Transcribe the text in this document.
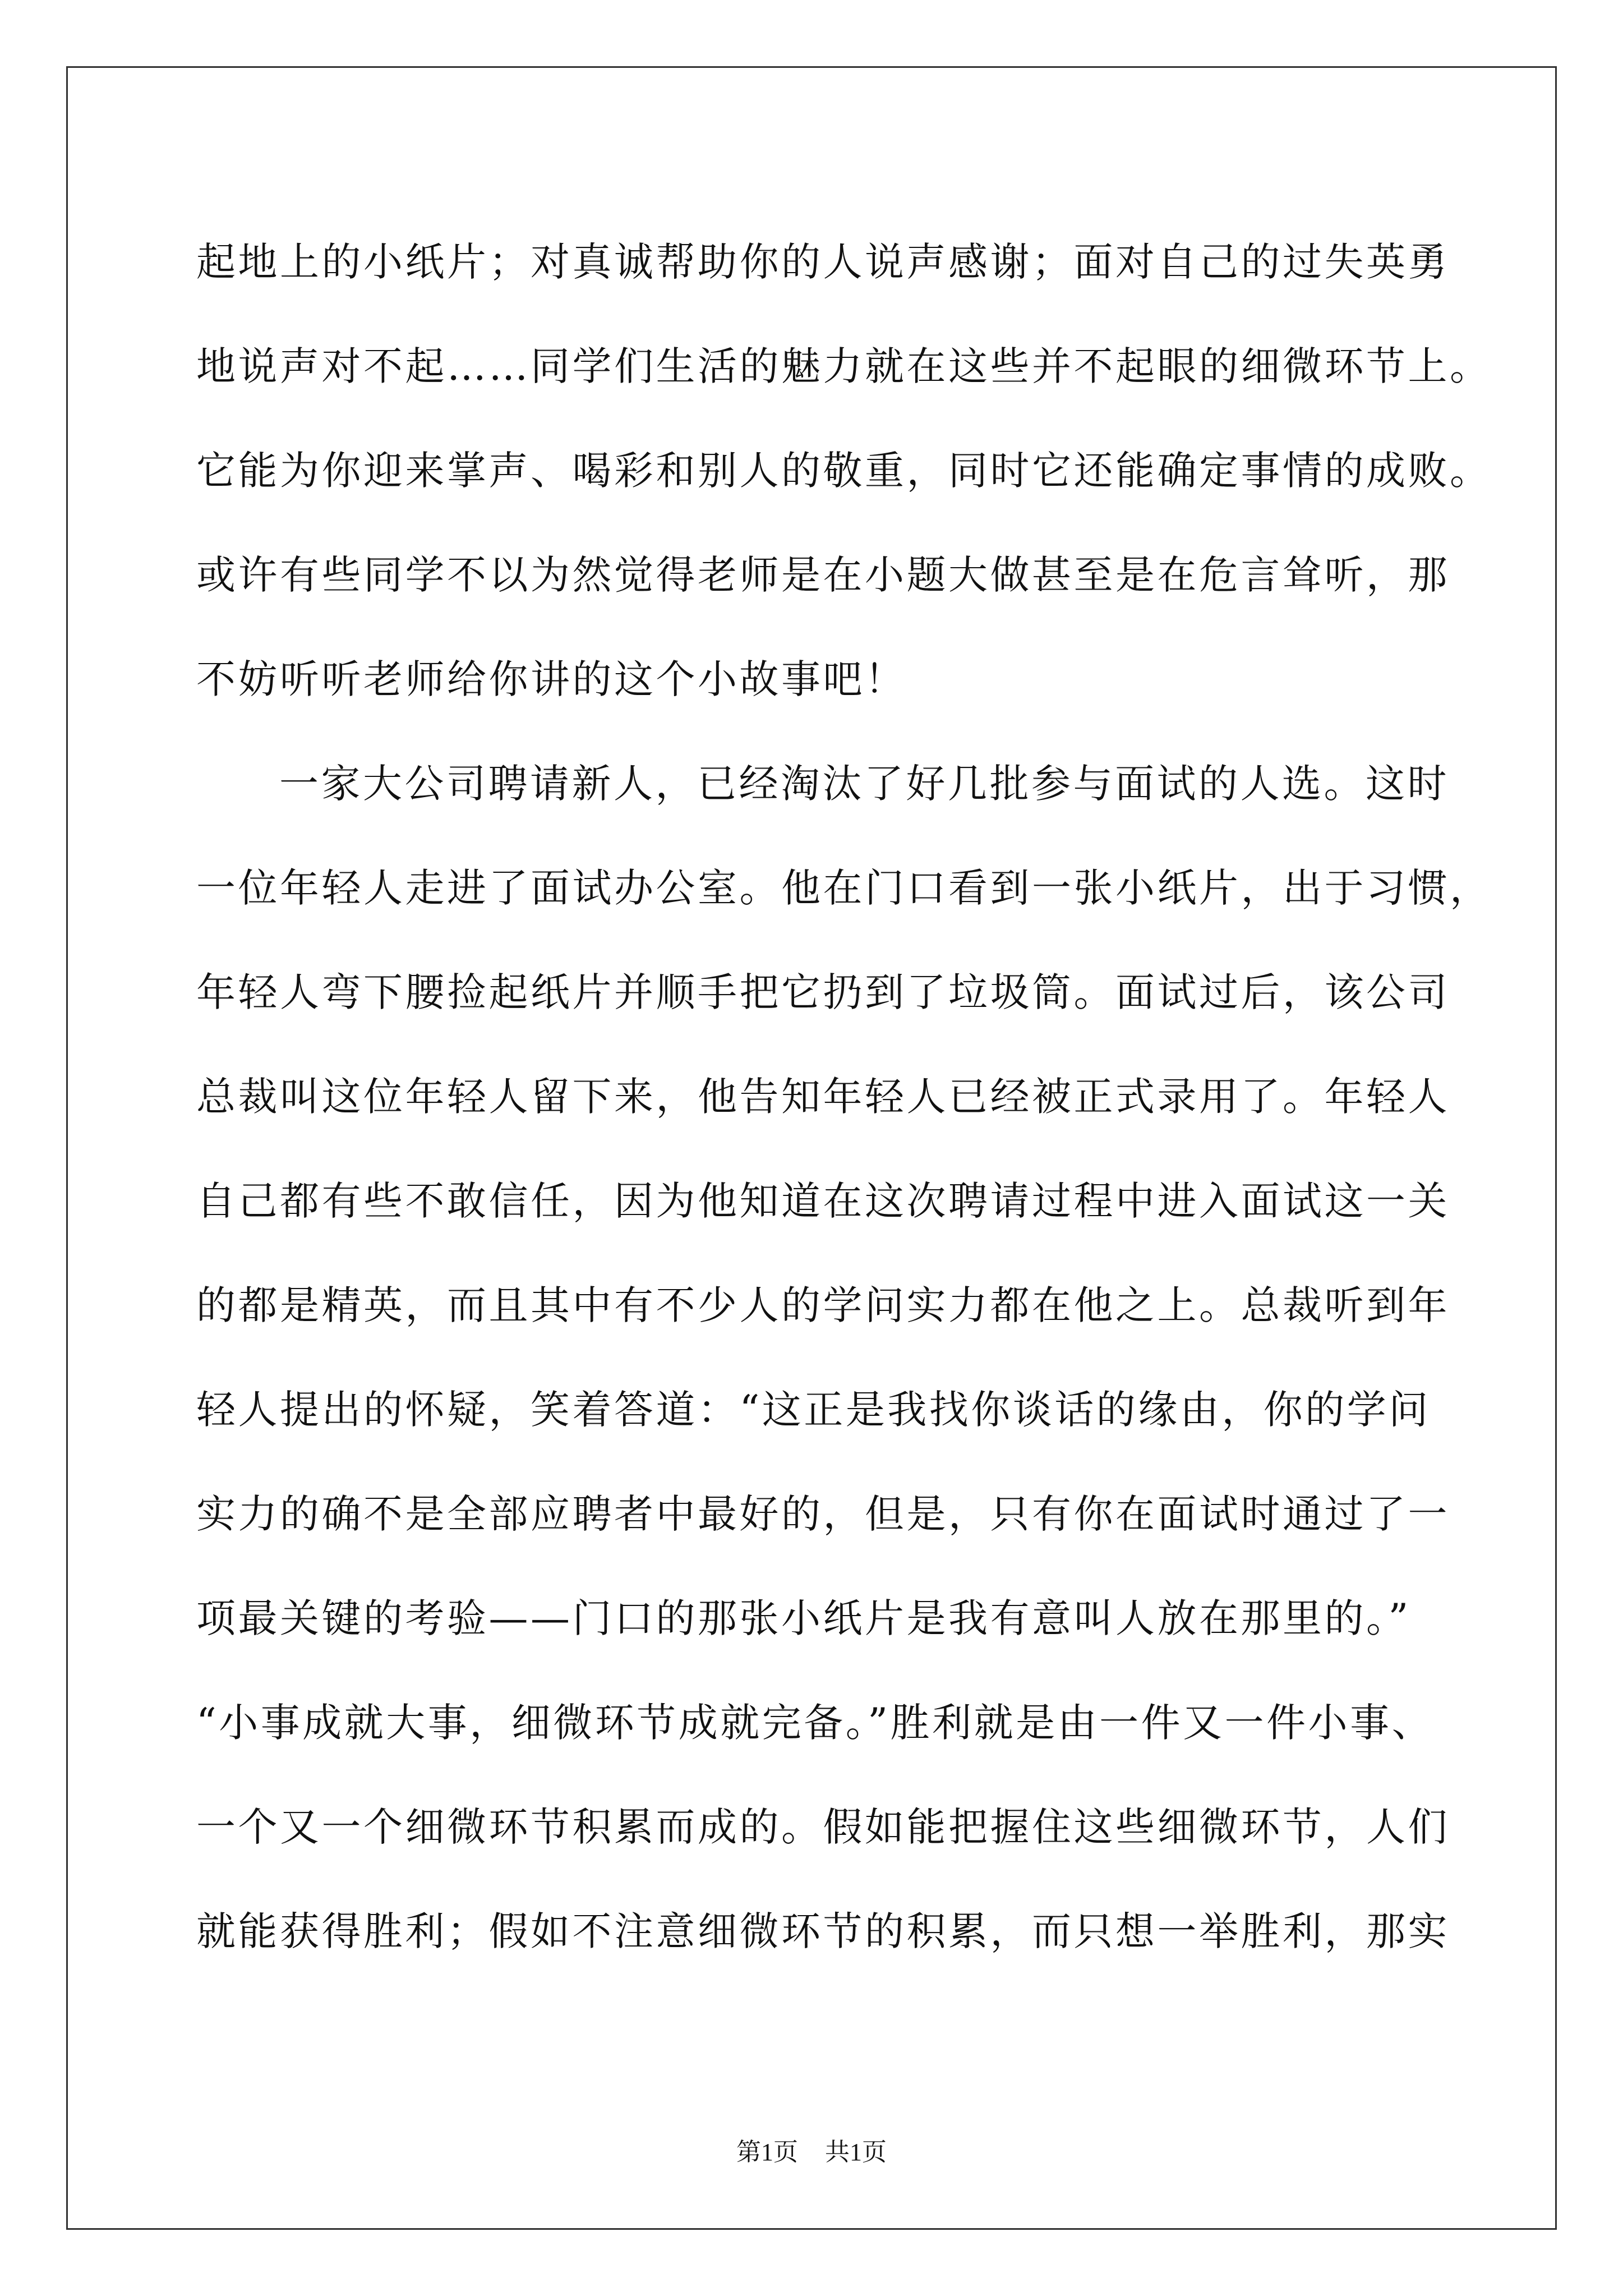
起地上的小纸片；对真诚帮助你的人说声感谢；面对自己的过失英勇
地说声对不起……同学们生活的魅力就在这些并不起眼的细微环节上。
它能为你迎来掌声、喝彩和别人的敬重，同时它还能确定事情的成败。
或许有些同学不以为然觉得老师是在小题大做甚至是在危言耸听，那
不妨听听老师给你讲的这个小故事吧！
一家大公司聘请新人，已经淘汰了好几批参与面试的人选。这时
一位年轻人走进了面试办公室。他在门口看到一张小纸片，出于习惯，
年轻人弯下腰捡起纸片并顺手把它扔到了垃圾筒。面试过后，该公司
总裁叫这位年轻人留下来，他告知年轻人已经被正式录用了。年轻人
自己都有些不敢信任，因为他知道在这次聘请过程中进入面试这一关
的都是精英，而且其中有不少人的学问实力都在他之上。总裁听到年
轻人提出的怀疑，笑着答道：“这正是我找你谈话的缘由，你的学问
实力的确不是全部应聘者中最好的，但是，只有你在面试时通过了一
项最关键的考验——门口的那张小纸片是我有意叫人放在那里的。”
“小事成就大事，细微环节成就完备。”胜利就是由一件又一件小事、
一个又一个细微环节积累而成的。假如能把握住这些细微环节，人们
就能获得胜利；假如不注意细微环节的积累，而只想一举胜利，那实
第1页 共1页
